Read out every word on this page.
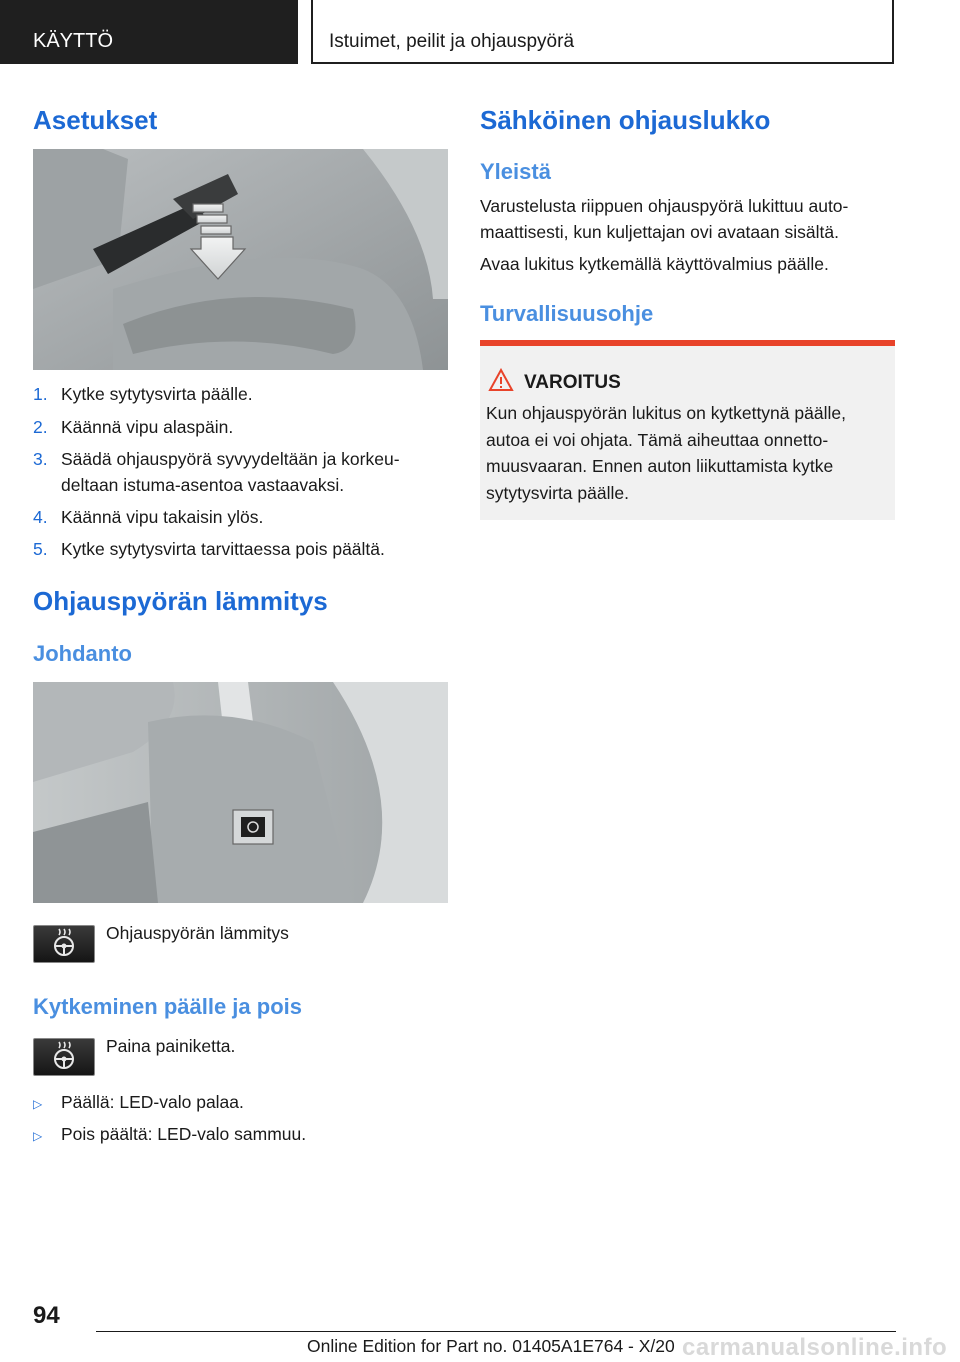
KÄYTTÖ	Istuimet, peilit ja ohjauspyörä
Asetukset
1. Kytke sytytysvirta päälle.
2. Käännä vipu alaspäin.
3. Säädä ohjauspyörä syvyydeltään ja korkeudeltaan istuma-asentoa vastaavaksi.
4. Käännä vipu takaisin ylös.
5. Kytke sytytysvirta tarvittaessa pois päältä.
Ohjauspyörän lämmitys
Johdanto
Ohjauspyörän lämmitys
Kytkeminen päälle ja pois
Paina painiketta.
▷ Päällä: LED-valo palaa.
▷ Pois päältä: LED-valo sammuu.
Sähköinen ohjauslukko
Yleistä
Varustelusta riippuen ohjauspyörä lukittuu automaattisesti, kun kuljettajan ovi avataan sisältä.
Avaa lukitus kytkemällä käyttövalmius päälle.
Turvallisuusohje
VAROITUS
Kun ohjauspyörän lukitus on kytkettynä päälle, autoa ei voi ohjata. Tämä aiheuttaa onnettomuusvaaran. Ennen auton liikuttamista kytke sytytysvirta päälle.
94
Online Edition for Part no. 01405A1E764 - X/20 carmanualsonline.info
